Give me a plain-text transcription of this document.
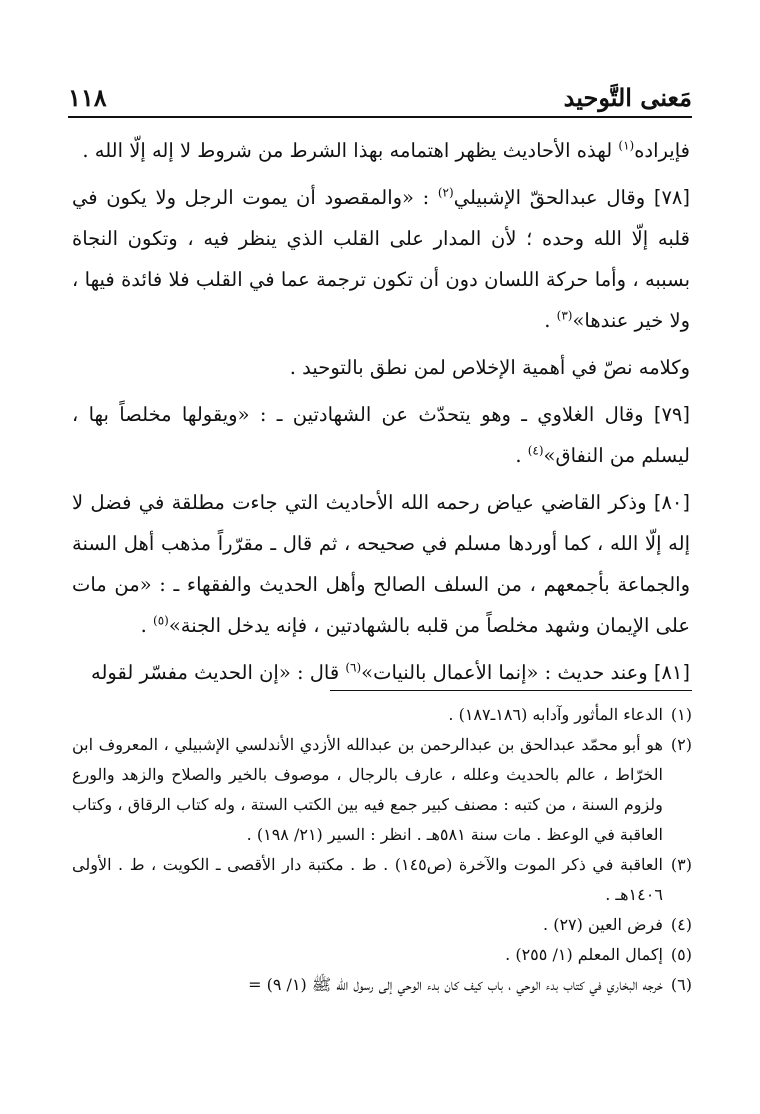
مَعنى التَّوحيد
١١٨

فإيراده$^{(١)}$ لهذه الأحاديث يظهر اهتمامه بهذا الشرط من شروط لا إله إلّا الله .

[٧٨] وقال عبدالحقّ الإشبيلي$^{(٢)}$ : «والمقصود أن يموت الرجل ولا يكون في قلبه إلّا الله وحده ؛ لأن المدار على القلب الذي ينظر فيه ، وتكون النجاة بسببه ، وأما حركة اللسان دون أن تكون ترجمة عما في القلب فلا فائدة فيها ، ولا خير عندها»$^{(٣)}$ .

وكلامه نصّ في أهمية الإخلاص لمن نطق بالتوحيد .

[٧٩] وقال الغلاوي ـ وهو يتحدّث عن الشهادتين ـ : «ويقولها مخلصاً بها ، ليسلم من النفاق»$^{(٤)}$ .

[٨٠] وذكر القاضي عياض رحمه الله الأحاديث التي جاءت مطلقة في فضل لا إله إلّا الله ، كما أوردها مسلم في صحيحه ، ثم قال ـ مقرّراً مذهب أهل السنة والجماعة بأجمعهم ، من السلف الصالح وأهل الحديث والفقهاء ـ : «من مات على الإيمان وشهد مخلصاً من قلبه بالشهادتين ، فإنه يدخل الجنة»$^{(٥)}$ .

[٨١] وعند حديث : «إنما الأعمال بالنيات»$^{(٦)}$ قال : «إن الحديث مفسّر لقوله

(١)
الدعاء المأثور وآدابه (١٨٦ـ١٨٧) .

(٢)
هو أبو محمّد عبدالحق بن عبدالرحمن بن عبدالله الأزدي الأندلسي الإشبيلي ، المعروف ابن الخرّاط ، عالم بالحديث وعلله ، عارف بالرجال ، موصوف بالخير والصلاح والزهد والورع ولزوم السنة ، من كتبه : مصنف كبير جمع فيه بين الكتب الستة ، وله كتاب الرقاق ، وكتاب العاقبة في الوعظ . مات سنة ٥٨١هـ . انظر : السير (٢١/ ١٩٨) .

(٣)
العاقبة في ذكر الموت والآخرة (ص١٤٥) . ط . مكتبة دار الأقصى ـ الكويت ، ط . الأولى ١٤٠٦هـ .

(٤)
فرض العين (٢٧) .

(٥)
إكمال المعلم (١/ ٢٥٥) .

(٦)
خرجه البخاري في كتاب بدء الوحي ، باب كيف كان بدء الوحي إلى رسول الله ﷺ (١/ ٩) =
